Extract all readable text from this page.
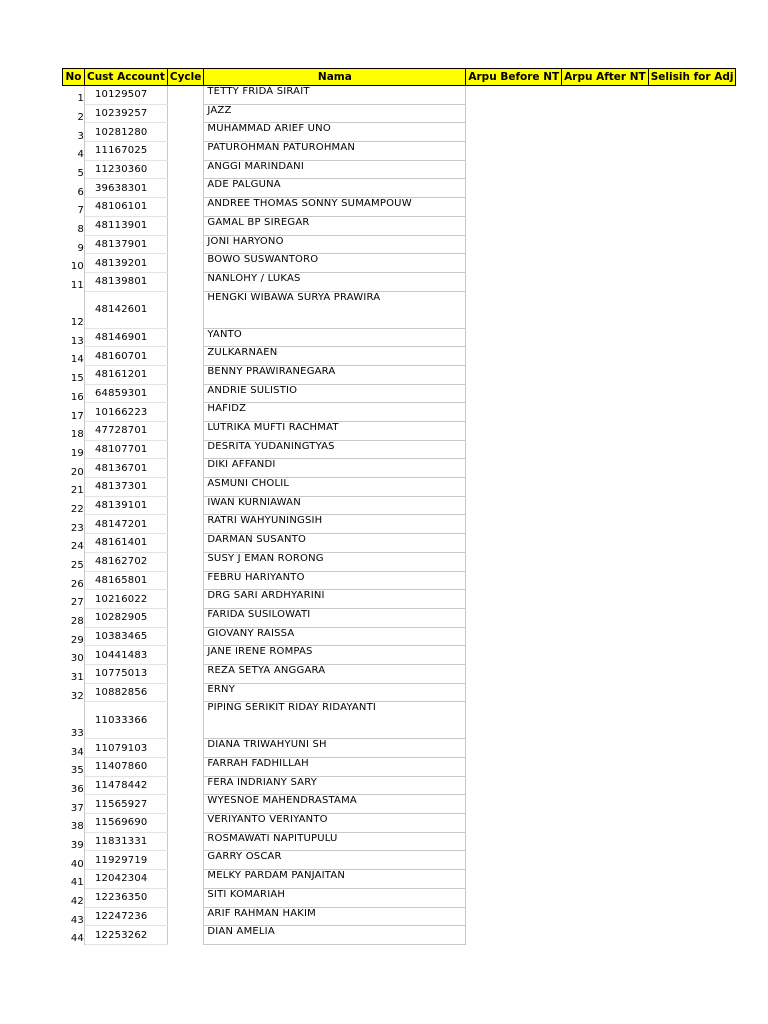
No	Cust Account	Cycle	Nama	Arpu Before NT	Arpu After NT	Selisih for Adj
1	10129507		TETTY FRIDA SIRAIT			
2	10239257		JAZZ			
3	10281280		MUHAMMAD ARIEF UNO			
4	11167025		PATUROHMAN PATUROHMAN			
5	11230360		ANGGI MARINDANI			
6	39638301		ADE PALGUNA			
7	48106101		ANDREE THOMAS SONNY SUMAMPOUW			
8	48113901		GAMAL BP SIREGAR			
9	48137901		JONI HARYONO			
10	48139201		BOWO SUSWANTORO			
11	48139801		NANLOHY / LUKAS			
12	48142601		HENGKI WIBAWA SURYA PRAWIRA			
13	48146901		YANTO			
14	48160701		ZULKARNAEN			
15	48161201		BENNY PRAWIRANEGARA			
16	64859301		ANDRIE SULISTIO			
17	10166223		HAFIDZ			
18	47728701		LUTRIKA MUFTI RACHMAT			
19	48107701		DESRITA YUDANINGTYAS			
20	48136701		DIKI AFFANDI			
21	48137301		ASMUNI CHOLIL			
22	48139101		IWAN KURNIAWAN			
23	48147201		RATRI WAHYUNINGSIH			
24	48161401		DARMAN SUSANTO			
25	48162702		SUSY J EMAN RORONG			
26	48165801		FEBRU HARIYANTO			
27	10216022		DRG SARI ARDHYARINI			
28	10282905		FARIDA SUSILOWATI			
29	10383465		GIOVANY RAISSA			
30	10441483		JANE IRENE ROMPAS			
31	10775013		REZA SETYA ANGGARA			
32	10882856		ERNY			
33	11033366		PIPING SERIKIT RIDAY RIDAYANTI			
34	11079103		DIANA TRIWAHYUNI SH			
35	11407860		FARRAH FADHILLAH			
36	11478442		FERA INDRIANY SARY			
37	11565927		WYESNOE MAHENDRASTAMA			
38	11569690		VERIYANTO VERIYANTO			
39	11831331		ROSMAWATI NAPITUPULU			
40	11929719		GARRY OSCAR			
41	12042304		MELKY PARDAM PANJAITAN			
42	12236350		SITI KOMARIAH			
43	12247236		ARIF RAHMAN HAKIM			
44	12253262		DIAN AMELIA			
